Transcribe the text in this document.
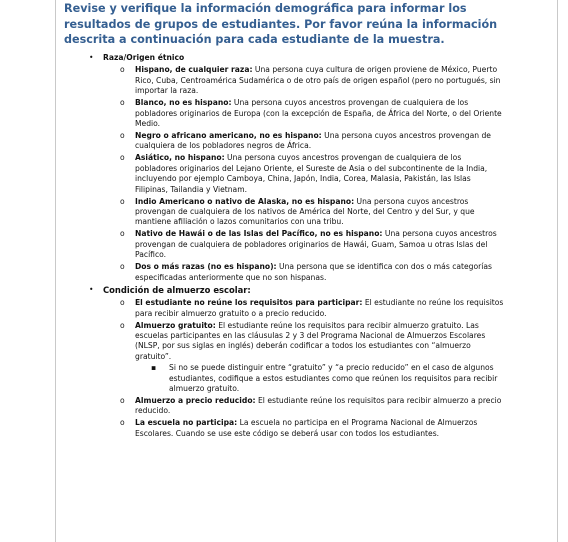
Revise y verifique la información demográfica para informar los resultados de grupos de estudiantes. Por favor reúna la información descrita a continuación para cada estudiante de la muestra.
• Raza/Origen étnico
o Hispano, de cualquier raza: Una persona cuya cultura de origen proviene de México, Puerto Rico, Cuba, Centroamérica Sudamérica o de otro país de origen español (pero no portugués, sin importar la raza.
o Blanco, no es hispano: Una persona cuyos ancestros provengan de cualquiera de los pobladores originarios de Europa (con la excepción de España, de África del Norte, o del Oriente Medio.
o Negro o africano americano, no es hispano: Una persona cuyos ancestros provengan de cualquiera de los pobladores negros de África.
o Asiático, no hispano: Una persona cuyos ancestros provengan de cualquiera de los pobladores originarios del Lejano Oriente, el Sureste de Asia o del subcontinente de la India, incluyendo por ejemplo Camboya, China, Japón, India, Corea, Malasia, Pakistán, las Islas Filipinas, Tailandia y Vietnam.
o Indio Americano o nativo de Alaska, no es hispano: Una persona cuyos ancestros provengan de cualquiera de los nativos de América del Norte, del Centro y del Sur, y que mantiene afiliación o lazos comunitarios con una tribu.
o Nativo de Hawái o de las Islas del Pacífico, no es hispano: Una persona cuyos ancestros provengan de cualquiera de pobladores originarios de Hawái, Guam, Samoa u otras Islas del Pacífico.
o Dos o más razas (no es hispano): Una persona que se identifica con dos o más categorías especificadas anteriormente que no son hispanas.
• Condición de almuerzo escolar:
o El estudiante no reúne los requisitos para participar: El estudiante no reúne los requisitos para recibir almuerzo gratuito o a precio reducido.
o Almuerzo gratuito: El estudiante reúne los requisitos para recibir almuerzo gratuito. Las escuelas participantes en las cláusulas 2 y 3 del Programa Nacional de Almuerzos Escolares (NLSP, por sus siglas en inglés) deberán codificar a todos los estudiantes con “almuerzo gratuito”.
▪ Si no se puede distinguir entre “gratuito” y “a precio reducido” en el caso de algunos estudiantes, codifique a estos estudiantes como que reúnen los requisitos para recibir almuerzo gratuito.
o Almuerzo a precio reducido: El estudiante reúne los requisitos para recibir almuerzo a precio reducido.
o La escuela no participa: La escuela no participa en el Programa Nacional de Almuerzos Escolares. Cuando se use este código se deberá usar con todos los estudiantes.
